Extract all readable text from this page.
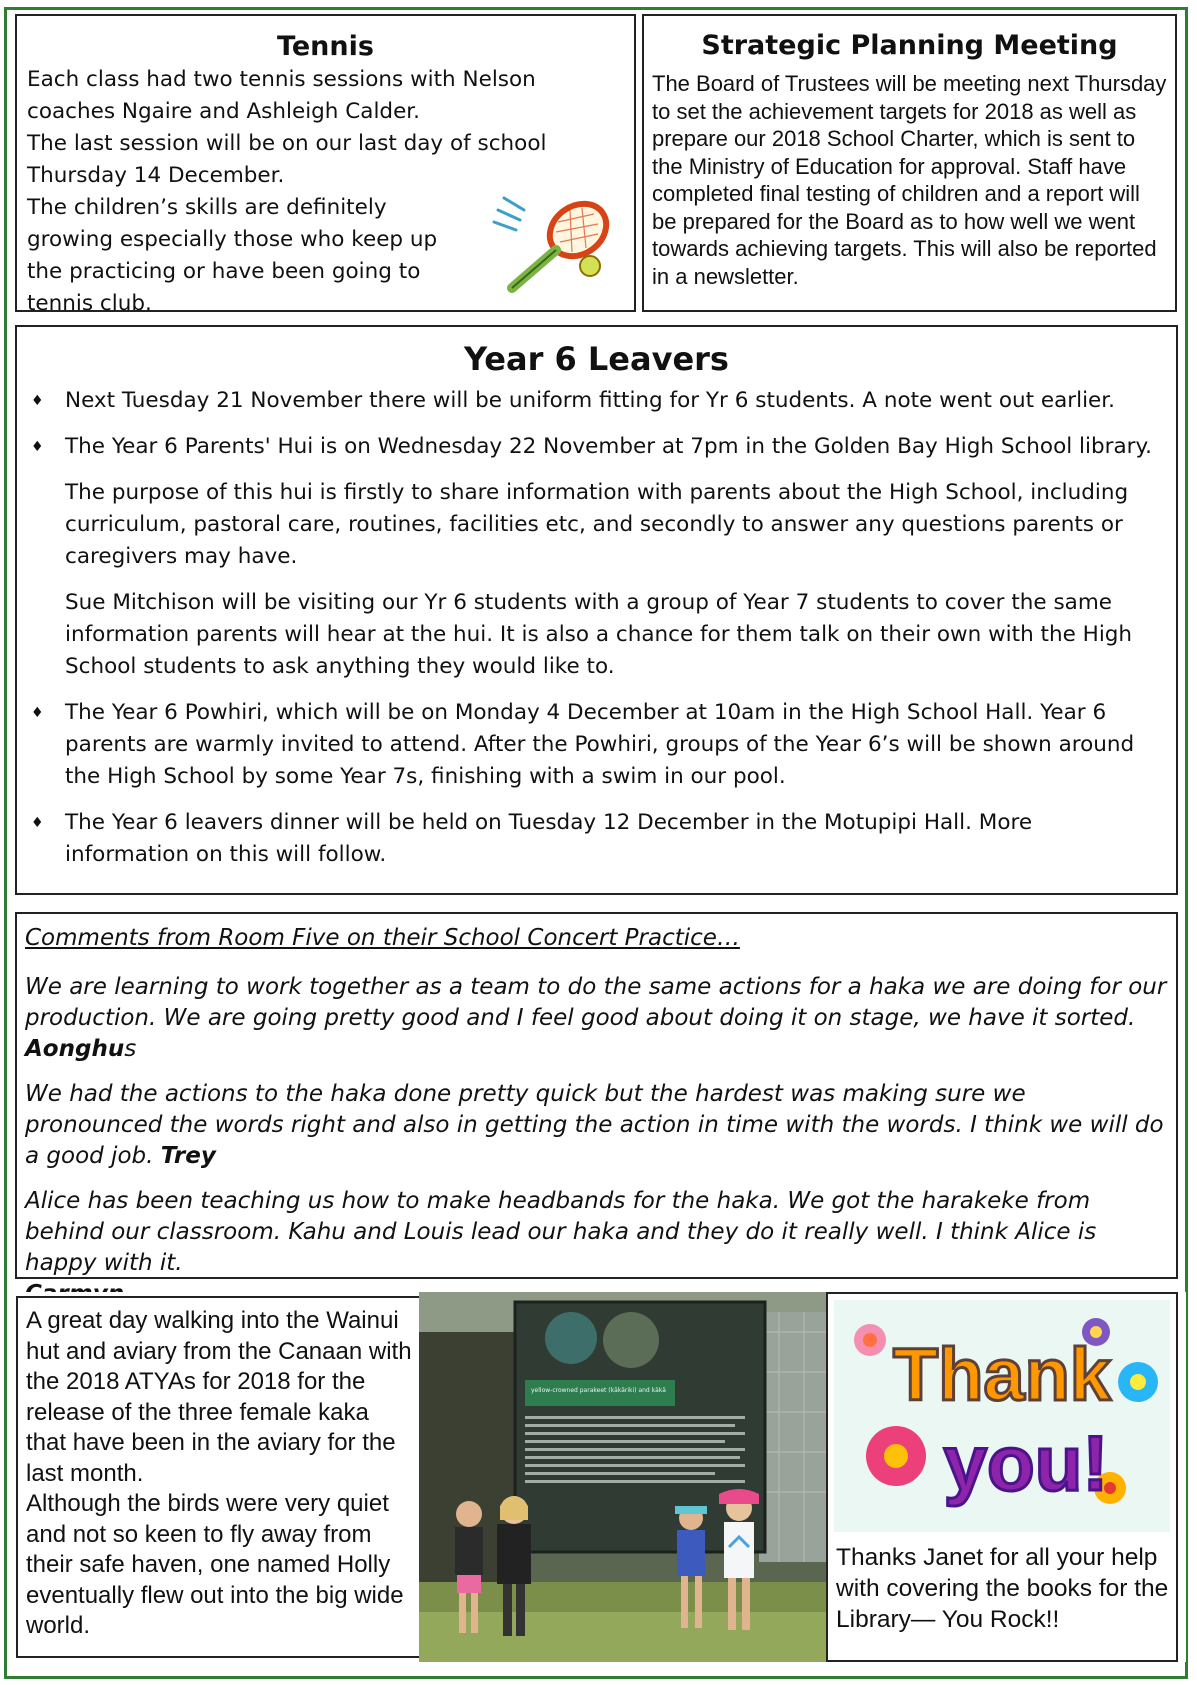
Tennis

Each class had two tennis sessions with Nelson coaches Ngaire and Ashleigh Calder.

The last session will be on our last day of school Thursday 14 December.

The children’s skills are definitely growing especially those who keep up the practicing or have been going to tennis club.

Strategic Planning Meeting

The Board of Trustees will be meeting next Thursday to set the achievement targets for 2018 as well as prepare our 2018 School Charter, which is sent to the Ministry of Education for approval. Staff have completed final testing of children and a report will be prepared for the Board as to how well we went towards achieving targets. This will also be reported in a newsletter.

Year 6 Leavers

♦ Next Tuesday 21 November there will be uniform fitting for Yr 6 students. A note went out earlier.

♦ The Year 6 Parents' Hui is on Wednesday 22 November at 7pm in the Golden Bay High School library.

The purpose of this hui is firstly to share information with parents about the High School, including curriculum, pastoral care, routines, facilities etc, and secondly to answer any questions parents or caregivers may have.

Sue Mitchison will be visiting our Yr 6 students with a group of Year 7 students to cover the same information parents will hear at the hui. It is also a chance for them talk on their own with the High School students to ask anything they would like to.

♦ The Year 6 Powhiri, which will be on Monday 4 December at 10am in the High School Hall. Year 6 parents are warmly invited to attend. After the Powhiri, groups of the Year 6’s will be shown around the High School by some Year 7s, finishing with a swim in our pool.

♦ The Year 6 leavers dinner will be held on Tuesday 12 December in the Motupipi Hall. More information on this will follow.

Comments from Room Five on their School Concert Practice…

We are learning to work together as a team to do the same actions for a haka we are doing for our production. We are going pretty good and I feel good about doing it on stage, we have it sorted.
Aonghus

We had the actions to the haka done pretty quick but the hardest was making sure we pronounced the words right and also in getting the action in time with the words. I think we will do a good job. Trey

Alice has been teaching us how to make headbands for the haka. We got the harakeke from behind our classroom. Kahu and Louis lead our haka and they do it really well. I think Alice is happy with it.

A great day walking into the Wainui hut and aviary from the Canaan with the 2018 ATYAs for 2018 for the release of the three female kaka that have been in the aviary for the last month.

Although the birds were very quiet and not so keen to fly away from their safe haven, one named Holly eventually flew out into the big wide world.

yellow-crowned parakeet (kākāriki) and kākā	Thank
you!

Thanks Janet for all your help with covering the books for the Library— You Rock!!
